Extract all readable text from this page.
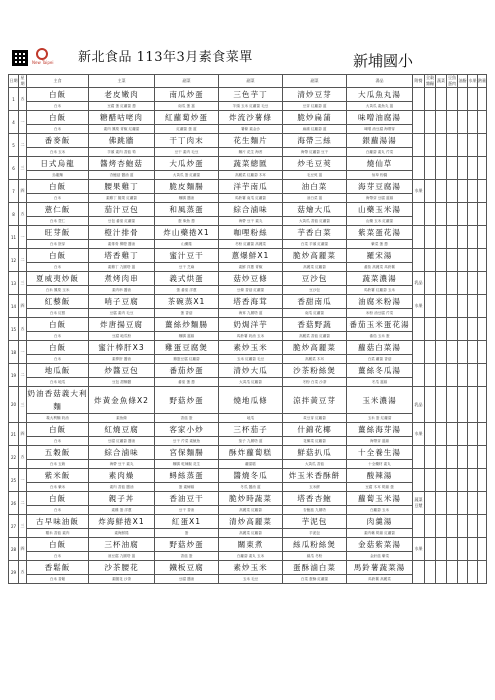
New Taipei 新北食品 113年3月素食菜單	新埔國小
日期	星期	主食	主菜	副菜	副菜	副菜	湯品	附餐	全穀雜糧	蔬菜	豆魚蛋肉	油脂	水果	熱量
1	五	白飯	老皮嫩肉	南瓜炒蛋	三色芋丁	清炒豆芽	大瓜魚丸湯							
		白米	豆腐 蛋 紅蘿蔔 蔥	南瓜 蛋 薑	芋頭 玉米 紅蘿蔔 毛豆	豆芽 紅蘿蔔 薑	大黃瓜 素魚丸 薑							
4	一	白飯	糖醋咕咾肉	紅蘿蔔炒蛋	炸流沙薯條	脆炒扁蒲	味噌油腐湯							
		白米	素肉 鳳梨 青椒 紅蘿蔔	紅蘿蔔 蛋 薑	薯條 素金沙	扁蒲 紅蘿蔔 薑	味噌 油豆腐 海帶芽							
5	二	番麥飯	佛跳牆	干丁肉末	花生麵片	海帶三絲	銀蘿湯湯							
		白米 玉米	芋頭 素肉 香菇 筍	豆干 素肉 毛豆	麵片 花生 海苔	海帶 紅蘿蔔 豆干	白蘿蔔 素丸 芹菜							
6	三	日式烏龍	醬烤杏鮑菇	大瓜炒蛋	蔬菜總匯	炒毛豆莢	燒仙草							
		烏龍麵	杏鮑菇 醬油 薑	大黃瓜 蛋 紅蘿蔔	高麗菜 紅蘿蔔 木耳	毛豆莢 薑	仙草 粉圓							
7	四	白飯	腰果雞丁	脆皮麵腸	洋芋南瓜	油白菜	海芽豆腐湯	水果						
		白米	素雞丁 腰果 紅蘿蔔	麵腸 醬油	馬鈴薯 南瓜 紅蘿蔔	油白菜 薑	海帶芽 豆腐 薑絲							
8	五	薏仁飯	茄汁豆包	和風蒸蛋	綜合滷味	菇燴大瓜	山藥玉米湯							
		白米 薏仁	豆包 番茄 紅蘿蔔	蛋 柴魚 蔥	海帶 豆干 素丸	大黃瓜 香菇 紅蘿蔔	山藥 玉米 紅蘿蔔							
11	一	旺芽飯	橙汁排骨	炸山藥捲X1	咖哩粉絲	芋香白菜	紫菜蛋花湯							
		白米 胚芽	素排骨 柳橙 醬油	山藥捲	冬粉 紅蘿蔔 高麗菜	白菜 芋頭 紅蘿蔔	紫菜 蛋 蔥							
12	二	白飯	塔香雞丁	蜜汁豆干	蔥爆鮮X1	脆炒高麗菜	羅宋湯							
		白米	素雞丁 九層塔 薑	豆干 芝麻	素鮮 洋蔥 青椒	高麗菜 紅蘿蔔	番茄 高麗菜 馬鈴薯							
13	三	夏威夷炒飯	煮烤肉串	義式烘蛋	菇炒豆條	豆沙包	蔬菜濃湯	乳品						
		白米 鳳梨 玉米	素肉串 醬油	蛋 番茄 洋蔥	豆條 香菇 紅蘿蔔	豆沙包	馬鈴薯 紅蘿蔔 玉米							
14	四	紅藜飯	哨子豆腐	茶碗蒸X1	塔香海茸	香甜南瓜	油腐米粉湯	水果						
		白米 紅藜	豆腐 素肉 毛豆	蛋 香菇	海茸 九層塔 薑	南瓜 紅蘿蔔	米粉 油豆腐 芹菜							
15	五	白飯	炸唐揚豆腐	薑絲炒麵腸	奶焗洋芋	香菇野蔬	番茄玉米蛋花湯							
		白米	豆腐 地瓜粉	麵腸 薑絲	馬鈴薯 奶油 玉米	高麗菜 香菇 紅蘿蔔	番茄 玉米 蛋							
18	一	白飯	蜜汁棒肝X3	雞蛋豆腐煲	素炒玉米	脆炒高麗菜	蘿菇白菜湯							
		白米	素棒肝 醬油	雞蛋豆腐 紅蘿蔔	玉米 紅蘿蔔 毛豆	高麗菜 木耳	白菜 蘿蔔 香菇							
19	二	地瓜飯	炒醬豆包	番茄炒蛋	清炒大瓜	沙茶粉絲煲	薑絲冬瓜湯							
		白米 地瓜	豆包 甜麵醬	番茄 蛋 蔥	大黃瓜 紅蘿蔔	冬粉 白菜 沙茶	冬瓜 薑絲							
20	三	奶油香菇義大利麵	炸黃金魚條X2	野菇炒蛋	燒地瓜條	涼拌黃豆芽	玉米濃湯	乳品						
		義大利麵 奶油	素魚條	香菇 蛋	地瓜	黃豆芽 紅蘿蔔	玉米 蛋 紅蘿蔔							
21	四	白飯	紅燒豆腐	客家小炒	三杯茄子	什錦花椰	薑絲海芽湯	水果						
		白米	豆腐 紅蘿蔔 醬油	豆干 芹菜 素魷魚	茄子 九層塔 薑	花椰菜 紅蘿蔔	海帶芽 薑絲							
22	五	五穀飯	綜合滷味	宮保麵腸	酥炸蘿蔔糕	鮮菇扒瓜	十全養生湯							
		白米 五穀	海帶 豆干 素丸	麵腸 乾辣椒 花生	蘿蔔糕	大黃瓜 香菇	十全藥材 素丸							
25	一	紫米飯	素肉燥	蟳絲蒸蛋	醬燒冬瓜	炸玉米香酥餅	酸辣湯							
		白米 紫米	素肉 香菇 醬油	蛋 素蟳絲	冬瓜 醬油 薑	玉米餅	豆腐 木耳 筍絲 蛋							
26	二	白飯	親子丼	香油豆干	脆炒時蔬菜	塔香杏鮑	蘿蔔玉米湯	蔬菜豆漿						
		白米	素雞 蛋 洋蔥	豆干 香油	高麗菜 紅蘿蔔	杏鮑菇 九層塔	白蘿蔔 玉米							
27	三	古早味油飯	炸海鮮捲X1	紅蛋X1	清炒高麗菜	芋泥包	肉羹湯							
		糯米 香菇 素肉	素海鮮捲	蛋	高麗菜 紅蘿蔔	芋泥包	素肉羹 筍絲 紅蘿蔔							
28	四	白飯	三杯油腐	野菇炒蛋	關東煮	絲瓜粉絲煲	金菇紫菜湯	水果						
		白米	油豆腐 九層塔 薑	香菇 蛋	白蘿蔔 素丸 玉米	絲瓜 冬粉	金針菇 紫菜							
29	五	香鬆飯	沙茶腰花	鐵板豆腐	素炒玉米	蛋酥滷白菜	馬鈴薯蔬菜湯							
		白米 香鬆	素腰花 沙茶	豆腐 醬油	玉米 毛豆	白菜 蛋酥 紅蘿蔔	馬鈴薯 高麗菜							
